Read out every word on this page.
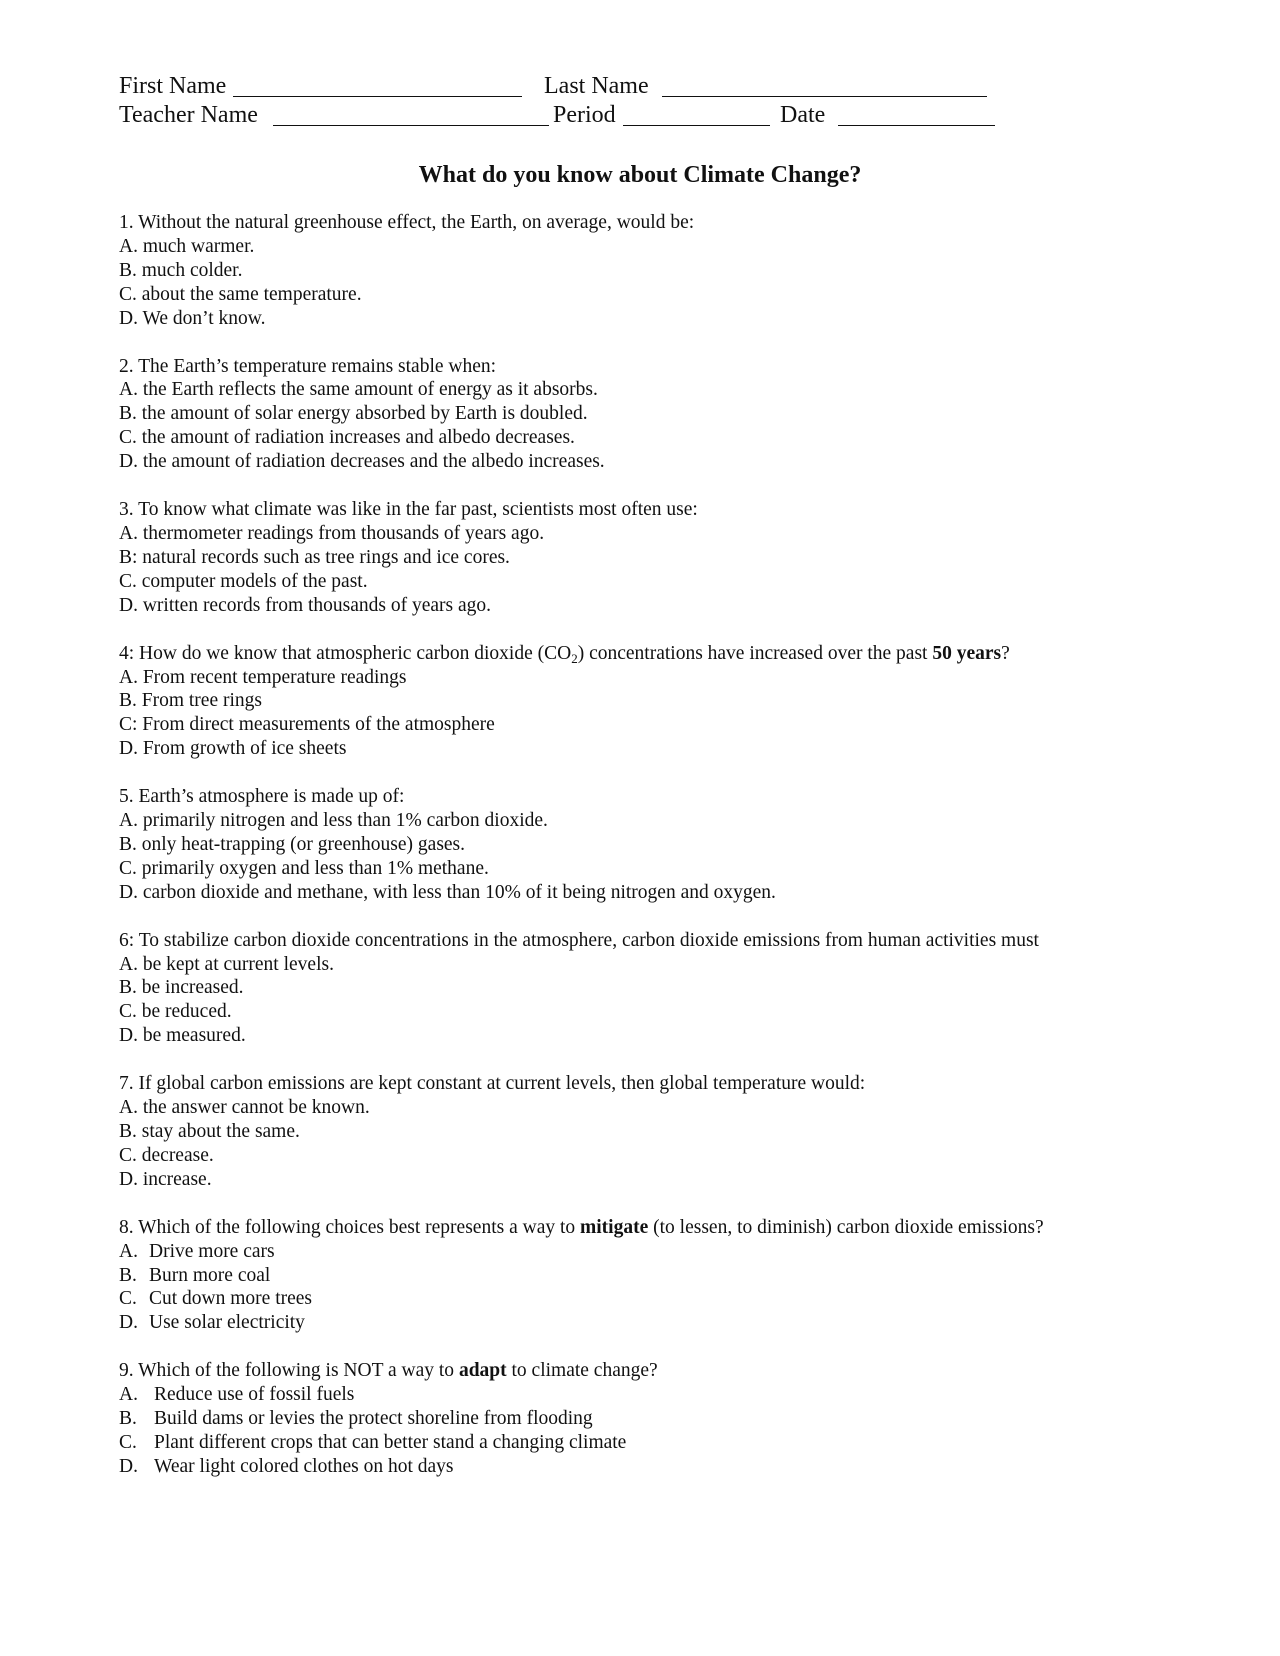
First Name	Last Name
Teacher Name	Period	Date
What do you know about Climate Change?
1. Without the natural greenhouse effect, the Earth, on average, would be:
A. much warmer.
B. much colder.
C. about the same temperature.
D. We don’t know.
2. The Earth’s temperature remains stable when:
A. the Earth reflects the same amount of energy as it absorbs.
B. the amount of solar energy absorbed by Earth is doubled.
C. the amount of radiation increases and albedo decreases.
D. the amount of radiation decreases and the albedo increases.
3. To know what climate was like in the far past, scientists most often use:
A. thermometer readings from thousands of years ago.
B: natural records such as tree rings and ice cores.
C. computer models of the past.
D. written records from thousands of years ago.
4: How do we know that atmospheric carbon dioxide $(CO_2)$ concentrations have increased over the past 50 years?
A. From recent temperature readings
B. From tree rings
C: From direct measurements of the atmosphere
D. From growth of ice sheets
5. Earth’s atmosphere is made up of:
A. primarily nitrogen and less than 1% carbon dioxide.
B. only heat-trapping (or greenhouse) gases.
C. primarily oxygen and less than 1% methane.
D. carbon dioxide and methane, with less than 10% of it being nitrogen and oxygen.
6: To stabilize carbon dioxide concentrations in the atmosphere, carbon dioxide emissions from human activities must
A. be kept at current levels.
B. be increased.
C. be reduced.
D. be measured.
7. If global carbon emissions are kept constant at current levels, then global temperature would:
A. the answer cannot be known.
B. stay about the same.
C. decrease.
D. increase.
8. Which of the following choices best represents a way to mitigate (to lessen, to diminish) carbon dioxide emissions?
A. Drive more cars
B. Burn more coal
C. Cut down more trees
D. Use solar electricity
9. Which of the following is NOT a way to adapt to climate change?
A. Reduce use of fossil fuels
B. Build dams or levies the protect shoreline from flooding
C. Plant different crops that can better stand a changing climate
D. Wear light colored clothes on hot days
